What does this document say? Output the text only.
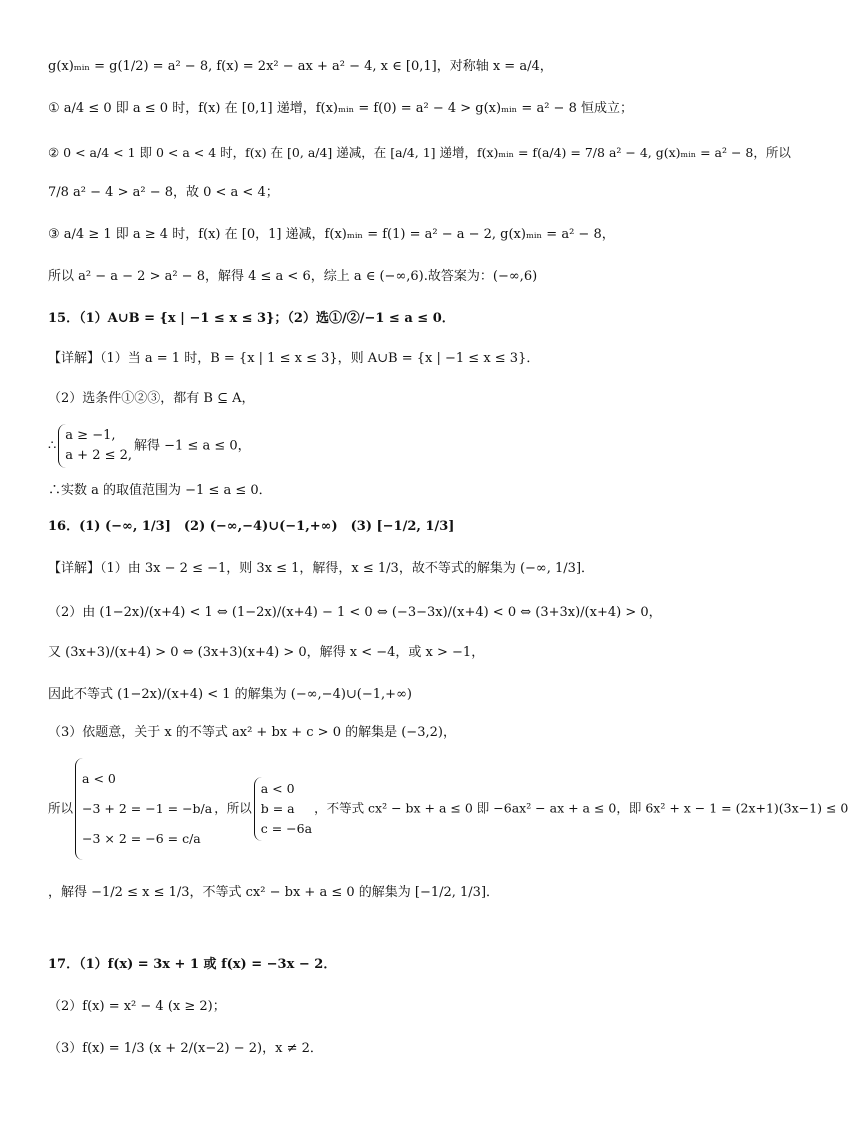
g(x)ₘᵢₙ = g(1/2) = a² − 8, f(x) = 2x² − ax + a² − 4, x ∈ [0,1]，对称轴 x = a/4，
① a/4 ≤ 0 即 a ≤ 0 时，f(x) 在 [0,1] 递增，f(x)ₘᵢₙ = f(0) = a² − 4 > g(x)ₘᵢₙ = a² − 8 恒成立；
② 0 < a/4 < 1 即 0 < a < 4 时，f(x) 在 [0, a/4] 递减，在 [a/4, 1] 递增，f(x)ₘᵢₙ = f(a/4) = 7/8 a² − 4, g(x)ₘᵢₙ = a² − 8，所以
7/8 a² − 4 > a² − 8，故 0 < a < 4；
③ a/4 ≥ 1 即 a ≥ 4 时，f(x) 在 [0，1] 递减，f(x)ₘᵢₙ = f(1) = a² − a − 2, g(x)ₘᵢₙ = a² − 8，
所以 a² − a − 2 > a² − 8，解得 4 ≤ a < 6，综上 a ∈ (−∞,6).故答案为：(−∞,6)
15．（1）A∪B = {x | −1 ≤ x ≤ 3}；（2）选①/②/−1 ≤ a ≤ 0．
【详解】（1）当 a = 1 时，B = {x | 1 ≤ x ≤ 3}，则 A∪B = {x | −1 ≤ x ≤ 3}．
（2）选条件①②③，都有 B ⊆ A，
∴
a ≥ −1,
a + 2 ≤ 2,
解得 −1 ≤ a ≤ 0，
∴实数 a 的取值范围为 −1 ≤ a ≤ 0．
16．(1) (−∞, 1/3]　(2) (−∞,−4)∪(−1,+∞)　(3) [−1/2, 1/3]
【详解】（1）由 3x − 2 ≤ −1，则 3x ≤ 1，解得，x ≤ 1/3，故不等式的解集为 (−∞, 1/3]．
（2）由 (1−2x)/(x+4) < 1 ⇔ (1−2x)/(x+4) − 1 < 0 ⇔ (−3−3x)/(x+4) < 0 ⇔ (3+3x)/(x+4) > 0，
又 (3x+3)/(x+4) > 0 ⇔ (3x+3)(x+4) > 0，解得 x < −4，或 x > −1，
因此不等式 (1−2x)/(x+4) < 1 的解集为 (−∞,−4)∪(−1,+∞)
（3）依题意，关于 x 的不等式 ax² + bx + c > 0 的解集是 (−3,2)，
所以
a < 0
−3 + 2 = −1 = −b/a
−3 × 2 = −6 = c/a
，所以
a < 0
b = a
c = −6a
，不等式 cx² − bx + a ≤ 0 即 −6ax² − ax + a ≤ 0，即 6x² + x − 1 = (2x+1)(3x−1) ≤ 0
，解得 −1/2 ≤ x ≤ 1/3，不等式 cx² − bx + a ≤ 0 的解集为 [−1/2, 1/3]．
17．（1）f(x) = 3x + 1 或 f(x) = −3x − 2．
（2）f(x) = x² − 4 (x ≥ 2)；
（3）f(x) = 1/3 (x + 2/(x−2) − 2)，x ≠ 2．
